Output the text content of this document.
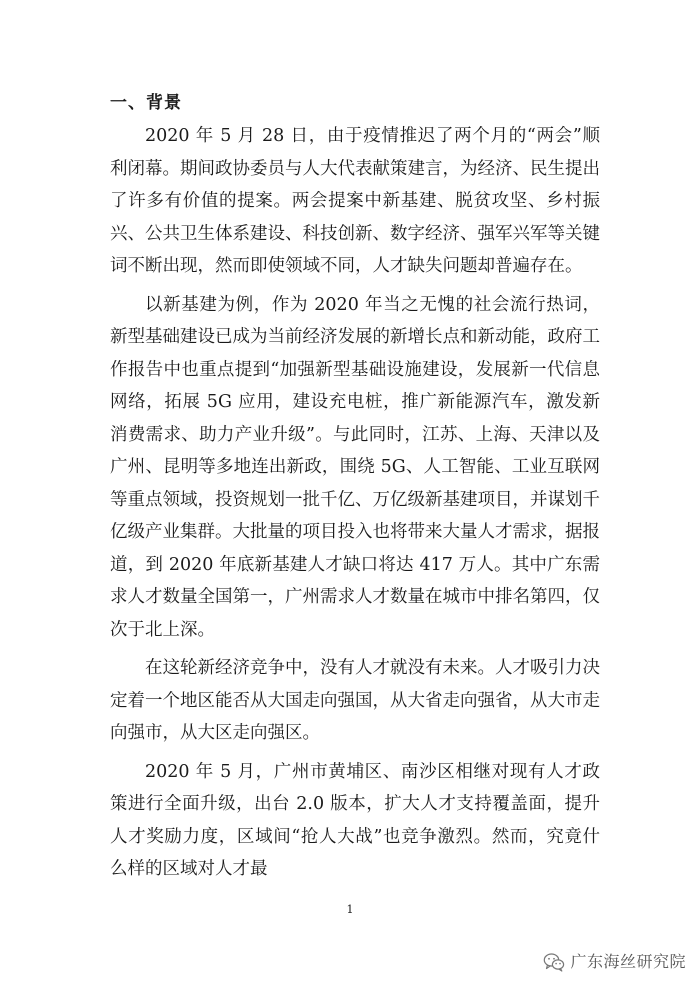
一、背景

2020 年 5 月 28 日，由于疫情推迟了两个月的“两会”顺利闭幕。期间政协委员与人大代表献策建言，为经济、民生提出了许多有价值的提案。两会提案中新基建、脱贫攻坚、乡村振兴、公共卫生体系建设、科技创新、数字经济、强军兴军等关键词不断出现，然而即使领域不同，人才缺失问题却普遍存在。

以新基建为例，作为 2020 年当之无愧的社会流行热词，新型基础建设已成为当前经济发展的新增长点和新动能，政府工作报告中也重点提到“加强新型基础设施建设，发展新一代信息网络，拓展 5G 应用，建设充电桩，推广新能源汽车，激发新消费需求、助力产业升级”。与此同时，江苏、上海、天津以及广州、昆明等多地连出新政，围绕 5G、人工智能、工业互联网等重点领域，投资规划一批千亿、万亿级新基建项目，并谋划千亿级产业集群。大批量的项目投入也将带来大量人才需求，据报道，到 2020 年底新基建人才缺口将达 417 万人。其中广东需求人才数量全国第一，广州需求人才数量在城市中排名第四，仅次于北上深。

在这轮新经济竞争中，没有人才就没有未来。人才吸引力决定着一个地区能否从大国走向强国，从大省走向强省，从大市走向强市，从大区走向强区。

2020 年 5 月，广州市黄埔区、南沙区相继对现有人才政策进行全面升级，出台 2.0 版本，扩大人才支持覆盖面，提升人才奖励力度，区域间“抢人大战”也竞争激烈。然而，究竟什么样的区域对人才最

1
广东海丝研究院
